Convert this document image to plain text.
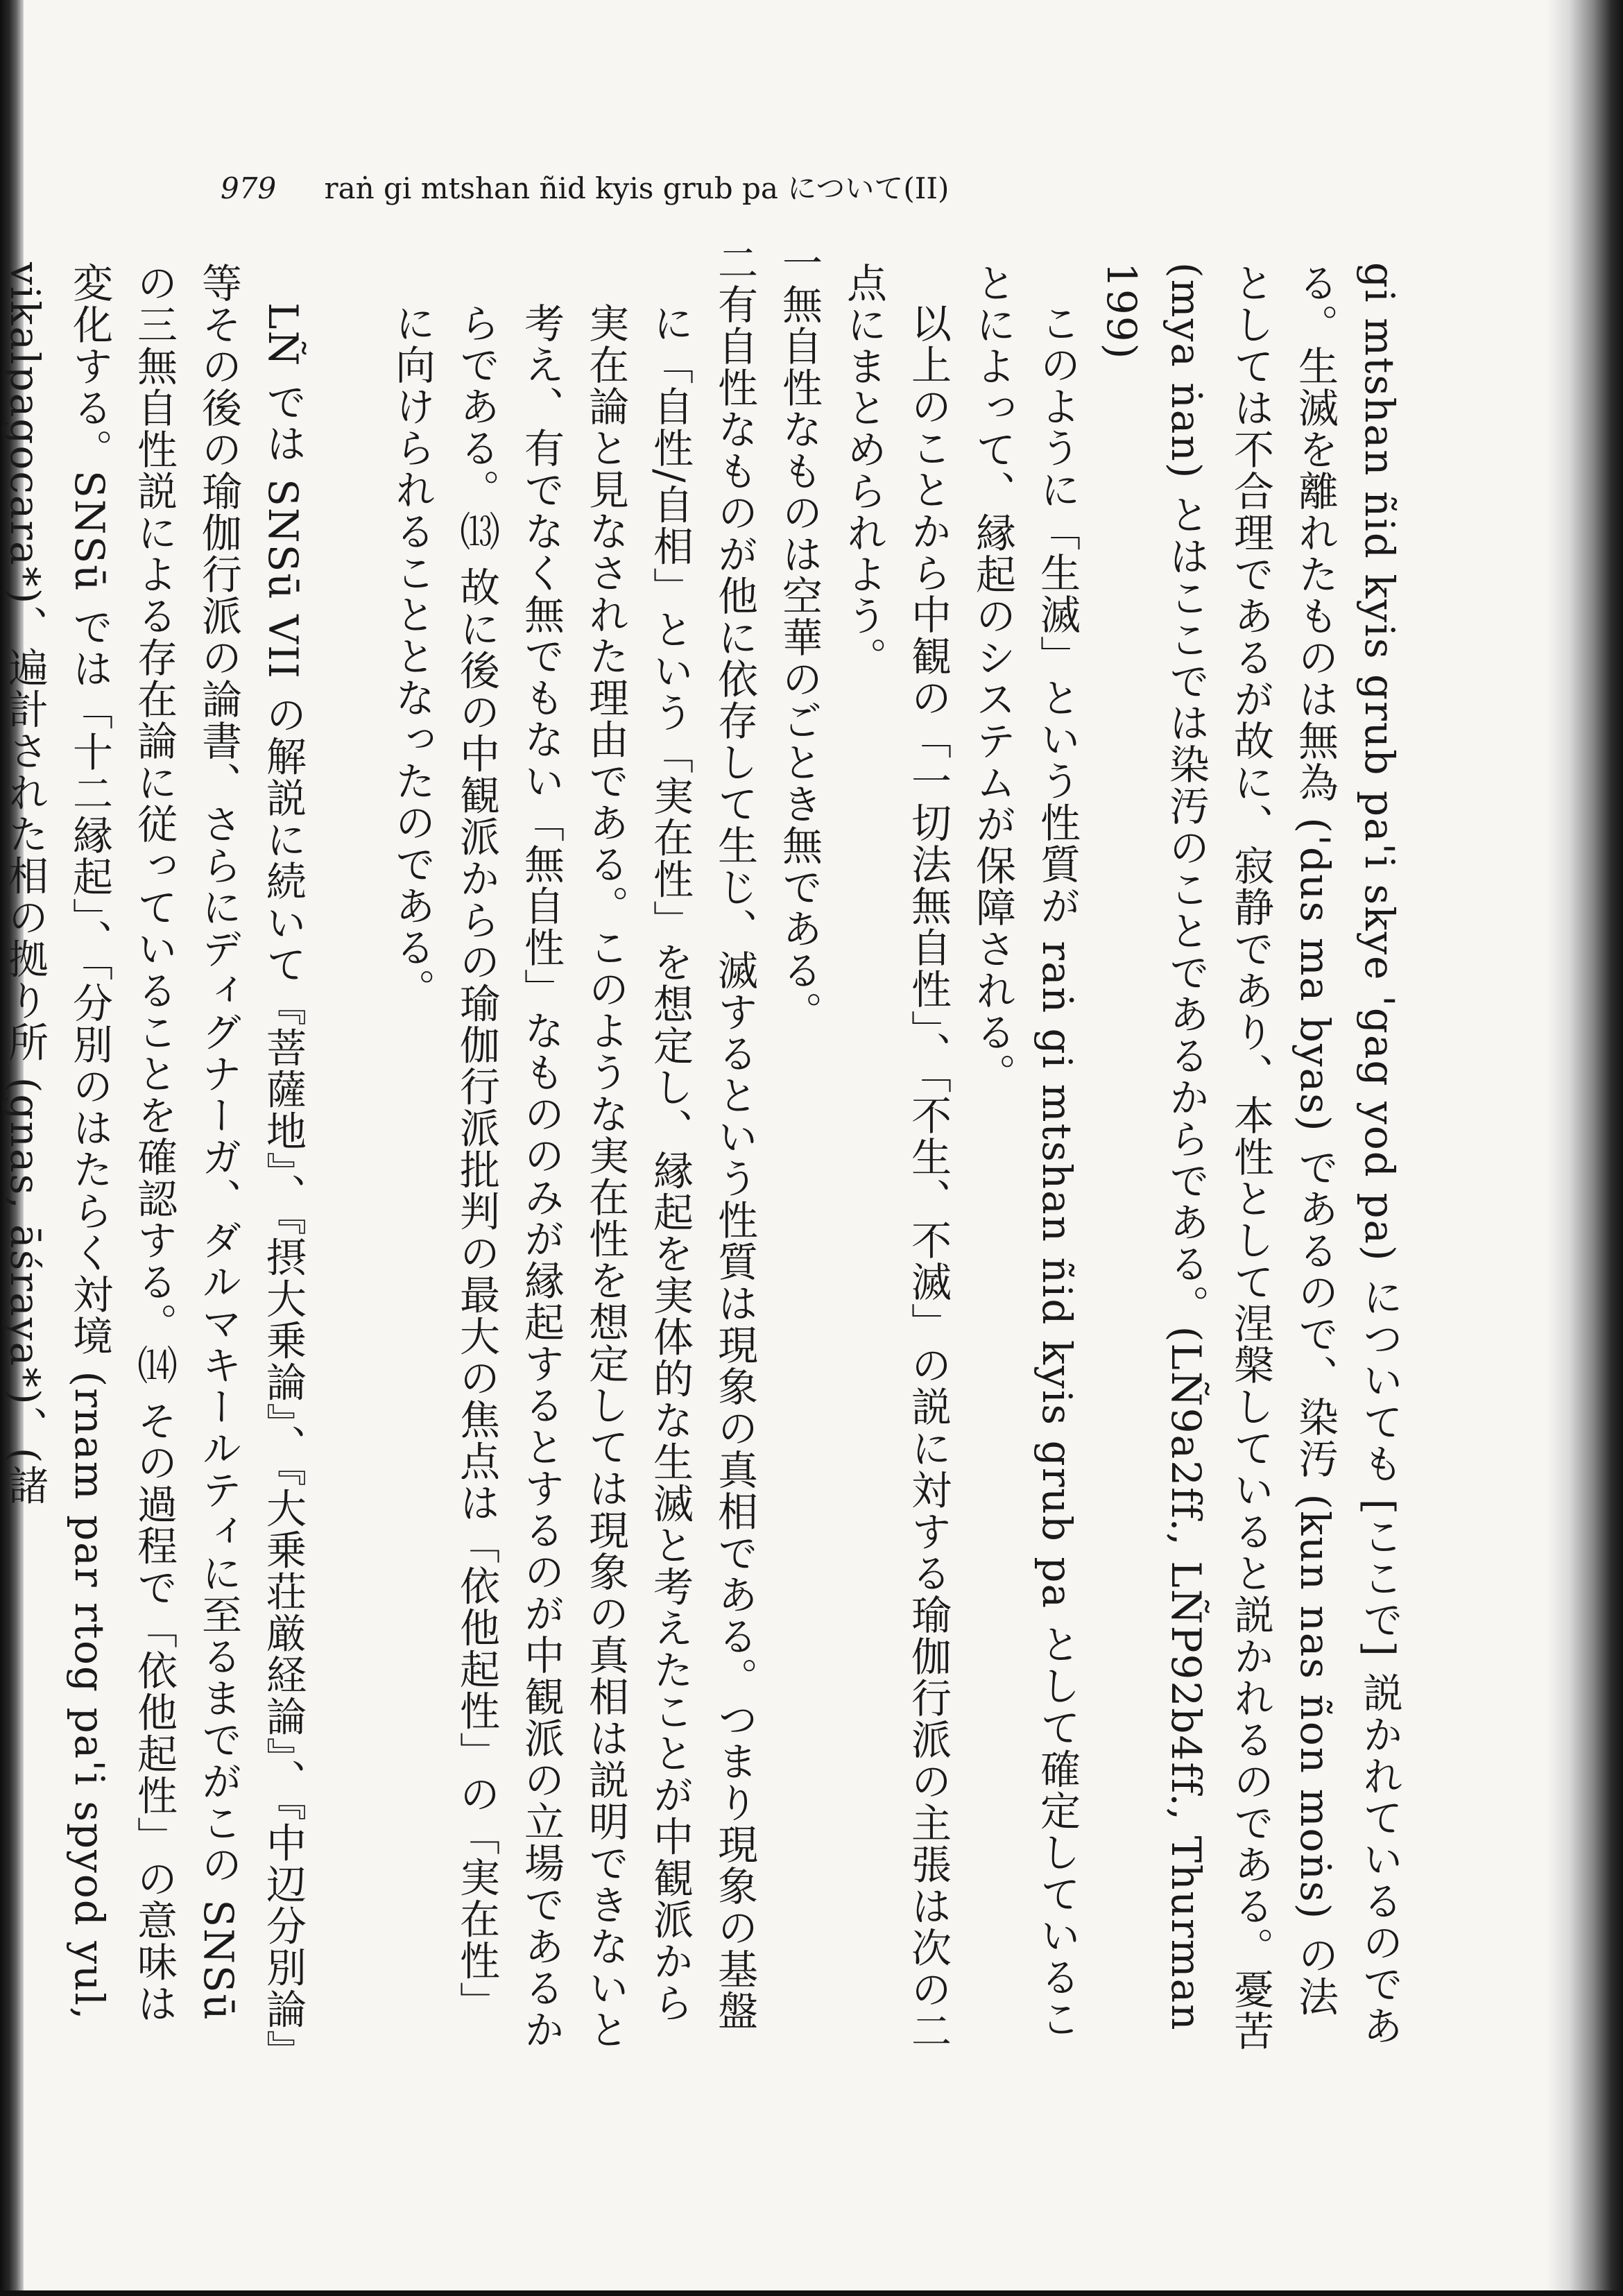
979 raṅ gi mtshan ñid kyis grub pa について(II)

gi mtshan ñid kyis grub pa'i skye 'gag yod pa) についても [ここで] 説かれているのである。生滅を離れたものは無為 ('dus ma byas) であるので、染汚 (kun nas ñon moṅs) の法としては不合理であるが故に、寂静であり、本性として涅槃していると説かれるのである。憂苦 (mya ṅan) とはここでは染汚のことであるからである。(LÑ9a2ff., LÑP92b4ff., Thurman 199)

このように「生滅」という性質が raṅ gi mtshan ñid kyis grub pa として確定していることによって、縁起のシステムが保障される。

以上のことから中観の「一切法無自性」、「不生、不滅」の説に対する瑜伽行派の主張は次の二点にまとめられよう。

一無自性なものは空華のごとき無である。

二有自性なものが他に依存して生じ、滅するという性質は現象の真相である。つまり現象の基盤に「自性/自相」という「実在性」を想定し、縁起を実体的な生滅と考えたことが中観派から実在論と見なされた理由である。このような実在性を想定しては現象の真相は説明できないと考え、有でなく無でもない「無自性」なもののみが縁起するとするのが中観派の立場であるからである。⒀ 故に後の中観派からの瑜伽行派批判の最大の焦点は「依他起性」の「実在性」に向けられることとなったのである。

LÑ では SNSū VII の解説に続いて『菩薩地』、『摂大乗論』、『大乗荘厳経論』、『中辺分別論』等その後の瑜伽行派の論書、さらにディグナーガ、ダルマキールティに至るまでがこの SNSū の三無自性説による存在論に従っていることを確認する。⒁ その過程で「依他起性」の意味は変化する。SNSū では「十二縁起」、「分別のはたらく対境 (rnam par rtog pa'i spyod yul, vikalpagocara*)、遍計された相の拠り所 (gnas, āśraya*)、(諸
